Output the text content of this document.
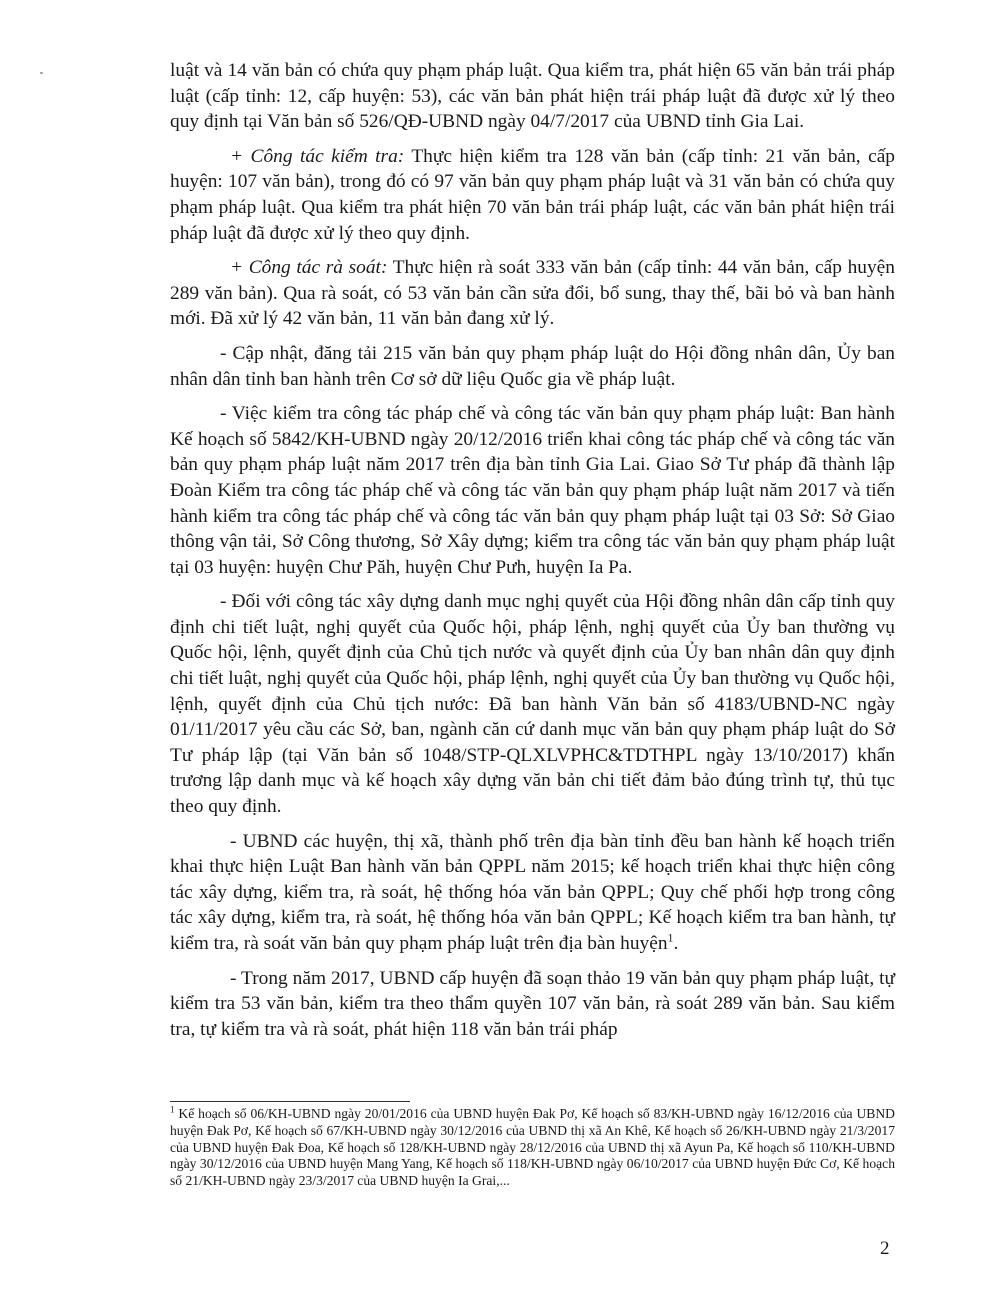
luật và 14 văn bản có chứa quy phạm pháp luật. Qua kiểm tra, phát hiện 65 văn bản trái pháp luật (cấp tỉnh: 12, cấp huyện: 53), các văn bản phát hiện trái pháp luật đã được xử lý theo quy định tại Văn bản số 526/QĐ-UBND ngày 04/7/2017 của UBND tỉnh Gia Lai.

+ Công tác kiểm tra: Thực hiện kiểm tra 128 văn bản (cấp tỉnh: 21 văn bản, cấp huyện: 107 văn bản), trong đó có 97 văn bản quy phạm pháp luật và 31 văn bản có chứa quy phạm pháp luật. Qua kiểm tra phát hiện 70 văn bản trái pháp luật, các văn bản phát hiện trái pháp luật đã được xử lý theo quy định.

+ Công tác rà soát: Thực hiện rà soát 333 văn bản (cấp tỉnh: 44 văn bản, cấp huyện 289 văn bản). Qua rà soát, có 53 văn bản cần sửa đổi, bổ sung, thay thế, bãi bỏ và ban hành mới. Đã xử lý 42 văn bản, 11 văn bản đang xử lý.

- Cập nhật, đăng tải 215 văn bản quy phạm pháp luật do Hội đồng nhân dân, Ủy ban nhân dân tỉnh ban hành trên Cơ sở dữ liệu Quốc gia về pháp luật.

- Việc kiểm tra công tác pháp chế và công tác văn bản quy phạm pháp luật: Ban hành Kế hoạch số 5842/KH-UBND ngày 20/12/2016 triển khai công tác pháp chế và công tác văn bản quy phạm pháp luật năm 2017 trên địa bàn tỉnh Gia Lai. Giao Sở Tư pháp đã thành lập Đoàn Kiểm tra công tác pháp chế và công tác văn bản quy phạm pháp luật năm 2017 và tiến hành kiểm tra công tác pháp chế và công tác văn bản quy phạm pháp luật tại 03 Sở: Sở Giao thông vận tải, Sở Công thương, Sở Xây dựng; kiểm tra công tác văn bản quy phạm pháp luật tại 03 huyện: huyện Chư Păh, huyện Chư Pưh, huyện Ia Pa.

- Đối với công tác xây dựng danh mục nghị quyết của Hội đồng nhân dân cấp tỉnh quy định chi tiết luật, nghị quyết của Quốc hội, pháp lệnh, nghị quyết của Ủy ban thường vụ Quốc hội, lệnh, quyết định của Chủ tịch nước và quyết định của Ủy ban nhân dân quy định chi tiết luật, nghị quyết của Quốc hội, pháp lệnh, nghị quyết của Ủy ban thường vụ Quốc hội, lệnh, quyết định của Chủ tịch nước: Đã ban hành Văn bản số 4183/UBND-NC ngày 01/11/2017 yêu cầu các Sở, ban, ngành căn cứ danh mục văn bản quy phạm pháp luật do Sở Tư pháp lập (tại Văn bản số 1048/STP-QLXLVPHC&TDTHPL ngày 13/10/2017) khẩn trương lập danh mục và kế hoạch xây dựng văn bản chi tiết đảm bảo đúng trình tự, thủ tục theo quy định.

- UBND các huyện, thị xã, thành phố trên địa bàn tỉnh đều ban hành kế hoạch triển khai thực hiện Luật Ban hành văn bản QPPL năm 2015; kế hoạch triển khai thực hiện công tác xây dựng, kiểm tra, rà soát, hệ thống hóa văn bản QPPL; Quy chế phối hợp trong công tác xây dựng, kiểm tra, rà soát, hệ thống hóa văn bản QPPL; Kế hoạch kiểm tra ban hành, tự kiểm tra, rà soát văn bản quy phạm pháp luật trên địa bàn huyện$^1$.

- Trong năm 2017, UBND cấp huyện đã soạn thảo 19 văn bản quy phạm pháp luật, tự kiểm tra 53 văn bản, kiểm tra theo thẩm quyền 107 văn bản, rà soát 289 văn bản. Sau kiểm tra, tự kiểm tra và rà soát, phát hiện 118 văn bản trái pháp

$^1$ Kế hoạch số 06/KH-UBND ngày 20/01/2016 của UBND huyện Đak Pơ, Kế hoạch số 83/KH-UBND ngày 16/12/2016 của UBND huyện Đak Pơ, Kế hoạch số 67/KH-UBND ngày 30/12/2016 của UBND thị xã An Khê, Kế hoạch số 26/KH-UBND ngày 21/3/2017 của UBND huyện Đak Đoa, Kế hoạch số 128/KH-UBND ngày 28/12/2016 của UBND thị xã Ayun Pa, Kế hoạch số 110/KH-UBND ngày 30/12/2016 của UBND huyện Mang Yang, Kế hoạch số 118/KH-UBND ngày 06/10/2017 của UBND huyện Đức Cơ, Kế hoạch số 21/KH-UBND ngày 23/3/2017 của UBND huyện Ia Grai,...
2
